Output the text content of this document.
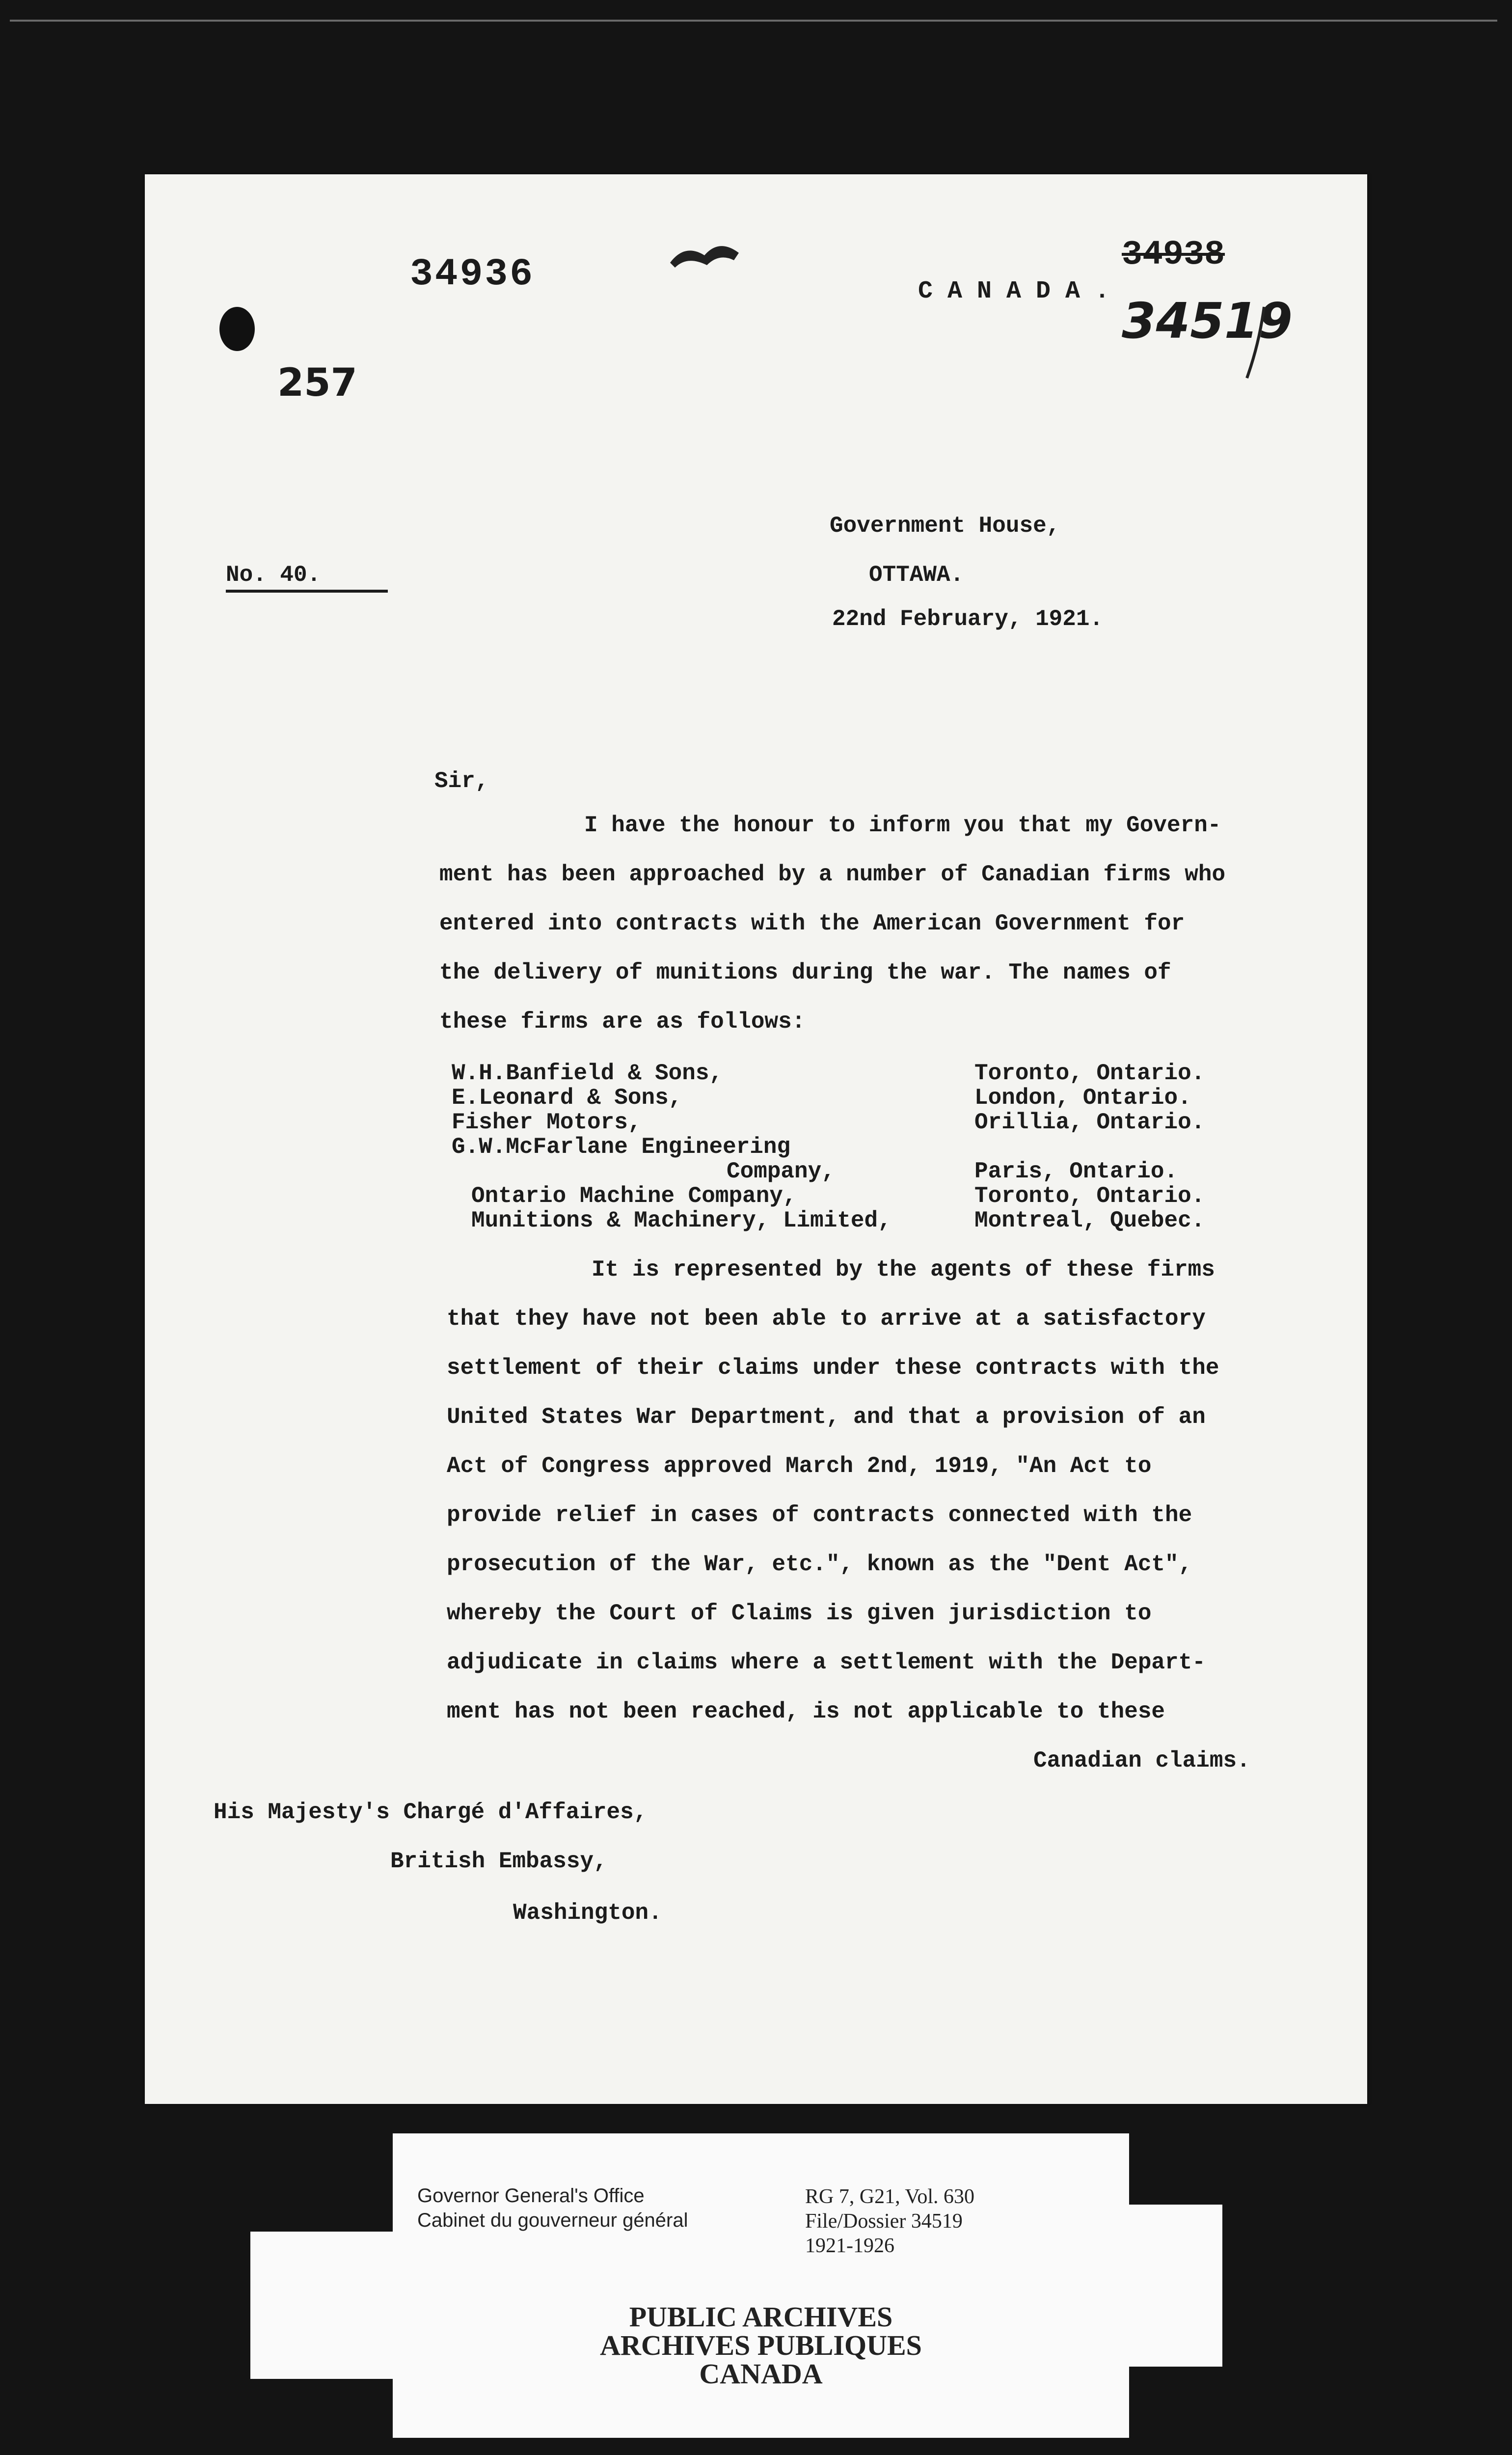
34936	C A N A D A .
34938
34519
257
No. 40.
Government House,
OTTAWA.
22nd February, 1921.
Sir,
I have the honour to inform you that my Govern-
ment has been approached by a number of Canadian firms who
entered into contracts with the American Government for
the delivery of munitions during the war. The names of
these firms are as follows:
W.H.Banfield & Sons,	Toronto, Ontario.
E.Leonard & Sons,	London, Ontario.
Fisher Motors,	Orillia, Ontario.
G.W.McFarlane Engineering
Company,	Paris, Ontario.
Ontario Machine Company,	Toronto, Ontario.
Munitions & Machinery, Limited,	Montreal, Quebec.
It is represented by the agents of these firms
that they have not been able to arrive at a satisfactory
settlement of their claims under these contracts with the
United States War Department, and that a provision of an
Act of Congress approved March 2nd, 1919, "An Act to
provide relief in cases of contracts connected with the
prosecution of the War, etc.", known as the "Dent Act",
whereby the Court of Claims is given jurisdiction to
adjudicate in claims where a settlement with the Depart-
ment has not been reached, is not applicable to these
Canadian claims.
His Majesty's Chargé d'Affaires,
British Embassy,
Washington.
Governor General's Office
Cabinet du gouverneur général
RG 7, G21, Vol. 630
File/Dossier 34519
1921-1926
PUBLIC ARCHIVES
ARCHIVES PUBLIQUES
CANADA
